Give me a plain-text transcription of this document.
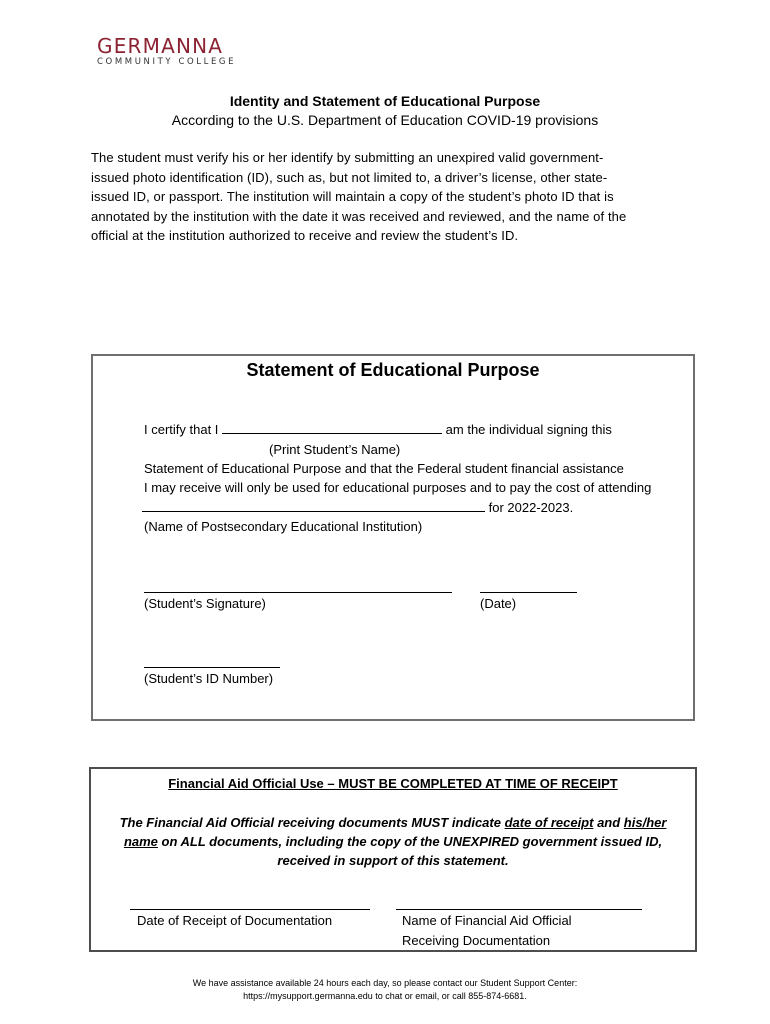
GERMANNA
COMMUNITY COLLEGE
Identity and Statement of Educational Purpose
According to the U.S. Department of Education COVID-19 provisions
The student must verify his or her identify by submitting an unexpired valid government-
issued photo identification (ID), such as, but not limited to, a driver’s license, other state-
issued ID, or passport. The institution will maintain a copy of the student’s photo ID that is
annotated by the institution with the date it was received and reviewed, and the name of the
official at the institution authorized to receive and review the student’s ID.
Statement of Educational Purpose
I certify that I	am the individual signing this
(Print Student’s Name)
Statement of Educational Purpose and that the Federal student financial assistance
I may receive will only be used for educational purposes and to pay the cost of attending
for 2022-2023.
(Name of Postsecondary Educational Institution)
(Student’s Signature)	(Date)
(Student’s ID Number)
Financial Aid Official Use – MUST BE COMPLETED AT TIME OF RECEIPT
The Financial Aid Official receiving documents MUST indicate date of receipt and his/her
name on ALL documents, including the copy of the UNEXPIRED government issued ID,
received in support of this statement.
Date of Receipt of Documentation	Name of Financial Aid Official
Receiving Documentation
We have assistance available 24 hours each day, so please contact our Student Support Center:
https://mysupport.germanna.edu to chat or email, or call 855-874-6681.
